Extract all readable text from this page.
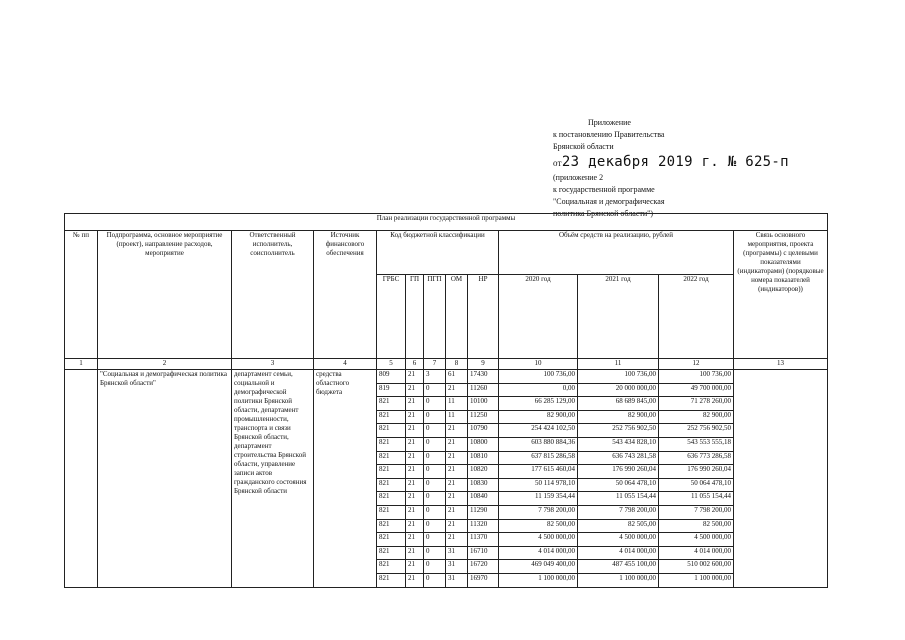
Приложение
к постановлению Правительства
Брянской области
от23 декабря 2019 г. № 625-п
(приложение 2
к государственной программе
"Социальная и демографическая
политика Брянской области")
План реализации государственной программы												
№ пп	Подпрограмма, основное мероприятие (проект), направление расходов, мероприятие	Ответственный исполнитель, соисполнитель	Источник финансового обеспечения	Код бюджетной классификации					Объём средств на реализацию, рублей			Связь основного мероприятия, проекта (программы) с целевыми показателями (индикаторами) (порядковые номера показателей (индикаторов))
				ГРБС	ГП	ПГП	ОМ	НР	2020 год	2021 год	2022 год	
1	2	3	4	5	6	7	8	9	10	11	12	13
	"Социальная и демографическая политика Брянской области"	департамент семьи, социальной и демографической политики Брянской области, департамент промышленности, транспорта и связи Брянской области, департамент строительства Брянской области, управление записи актов гражданского состояния Брянской области	средства областного бюджета	809	21	3	61	17430	100 736,00	100 736,00	100 736,00	
				819	21	0	21	11260	0,00	20 000 000,00	49 700 000,00	
				821	21	0	11	10100	66 285 129,00	68 689 845,00	71 278 260,00	
				821	21	0	11	11250	82 900,00	82 900,00	82 900,00	
				821	21	0	21	10790	254 424 102,50	252 756 902,50	252 756 902,50	
				821	21	0	21	10800	603 880 884,36	543 434 828,10	543 553 555,18	
				821	21	0	21	10810	637 815 286,58	636 743 281,58	636 773 286,58	
				821	21	0	21	10820	177 615 460,04	176 990 260,04	176 990 260,04	
				821	21	0	21	10830	50 114 978,10	50 064 478,10	50 064 478,10	
				821	21	0	21	10840	11 159 354,44	11 055 154,44	11 055 154,44	
				821	21	0	21	11290	7 798 200,00	7 798 200,00	7 798 200,00	
				821	21	0	21	11320	82 500,00	82 505,00	82 500,00	
				821	21	0	21	11370	4 500 000,00	4 500 000,00	4 500 000,00	
				821	21	0	31	16710	4 014 000,00	4 014 000,00	4 014 000,00	
				821	21	0	31	16720	469 049 400,00	487 455 100,00	510 002 600,00	
				821	21	0	31	16970	1 100 000,00	1 100 000,00	1 100 000,00	
